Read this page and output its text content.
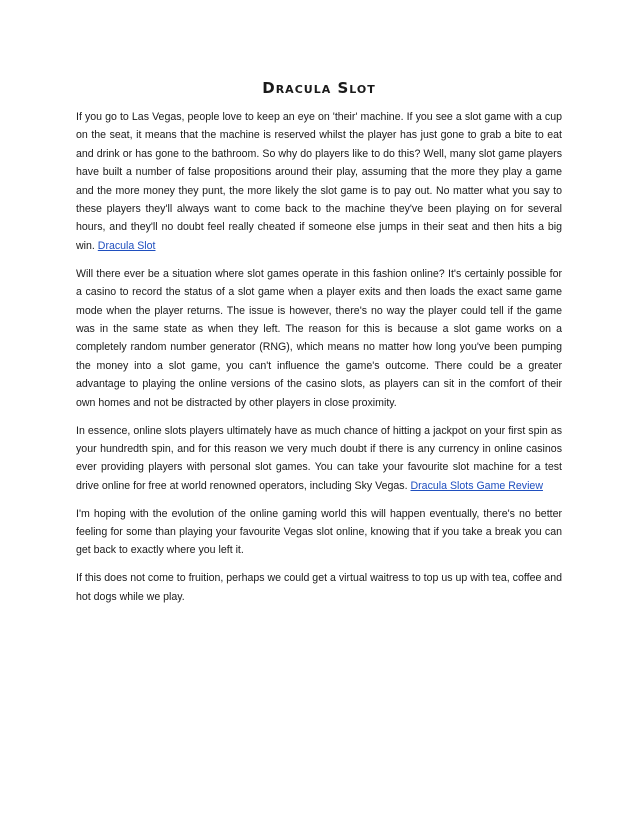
Dracula Slot

If you go to Las Vegas, people love to keep an eye on 'their' machine. If you see a slot game with a cup on the seat, it means that the machine is reserved whilst the player has just gone to grab a bite to eat and drink or has gone to the bathroom. So why do players like to do this? Well, many slot game players have built a number of false propositions around their play, assuming that the more they play a game and the more money they punt, the more likely the slot game is to pay out. No matter what you say to these players they'll always want to come back to the machine they've been playing on for several hours, and they'll no doubt feel really cheated if someone else jumps in their seat and then hits a big win. Dracula Slot

Will there ever be a situation where slot games operate in this fashion online? It's certainly possible for a casino to record the status of a slot game when a player exits and then loads the exact same game mode when the player returns. The issue is however, there's no way the player could tell if the game was in the same state as when they left. The reason for this is because a slot game works on a completely random number generator (RNG), which means no matter how long you've been pumping the money into a slot game, you can't influence the game's outcome. There could be a greater advantage to playing the online versions of the casino slots, as players can sit in the comfort of their own homes and not be distracted by other players in close proximity.

In essence, online slots players ultimately have as much chance of hitting a jackpot on your first spin as your hundredth spin, and for this reason we very much doubt if there is any currency in online casinos ever providing players with personal slot games. You can take your favourite slot machine for a test drive online for free at world renowned operators, including Sky Vegas. Dracula Slots Game Review

I'm hoping with the evolution of the online gaming world this will happen eventually, there's no better feeling for some than playing your favourite Vegas slot online, knowing that if you take a break you can get back to exactly where you left it.

If this does not come to fruition, perhaps we could get a virtual waitress to top us up with tea, coffee and hot dogs while we play.
